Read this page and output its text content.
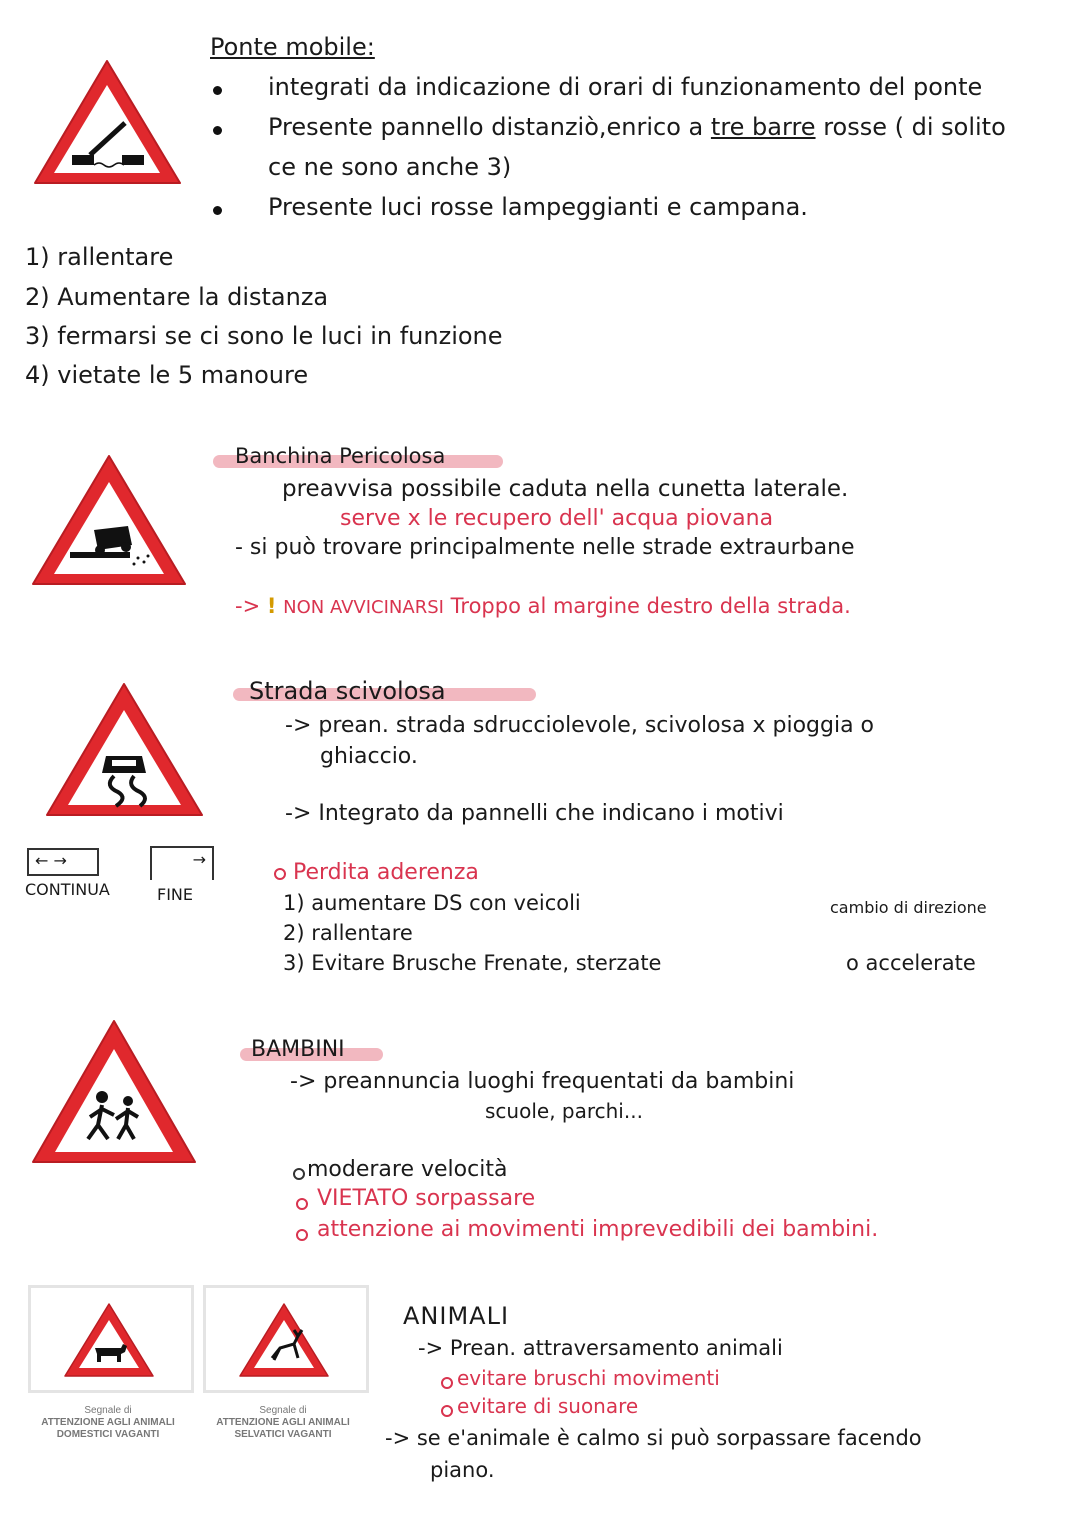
Ponte mobile:
integrati da indicazione di orari di funzionamento del ponte
Presente pannello distanziò,enrico a tre barre rosse ( di solito
ce ne sono anche 3)
Presente luci rosse lampeggianti e campana.
1) rallentare
2) Aumentare la distanza
3) fermarsi se ci sono le luci in funzione
4) vietate le 5 manoure
Banchina Pericolosa
preavvisa possibile caduta nella cunetta laterale.
serve x le recupero dell' acqua piovana
- si può trovare principalmente nelle strade extraurbane
-> ! NON AVVICINARSI Troppo al margine destro della strada.
Strada scivolosa
-> prean. strada sdrucciolevole, scivolosa x pioggia o
ghiaccio.
-> Integrato da pannelli che indicano i motivi
← →
CONTINUA
→
FINE
Perdita aderenza
1) aumentare DS con veicoli
2) rallentare
3) Evitare Brusche Frenate, sterzate
cambio di direzione
o accelerate
BAMBINI
-> preannuncia luoghi frequentati da bambini
scuole, parchi...
moderare velocità
VIETATO sorpassare
attenzione ai movimenti imprevedibili dei bambini.
Segnale di
ATTENZIONE AGLI ANIMALI
DOMESTICI VAGANTI
Segnale di
ATTENZIONE AGLI ANIMALI
SELVATICI VAGANTI
ANIMALI
-> Prean. attraversamento animali
evitare bruschi movimenti
evitare di suonare
-> se e'animale è calmo si può sorpassare facendo
piano.
